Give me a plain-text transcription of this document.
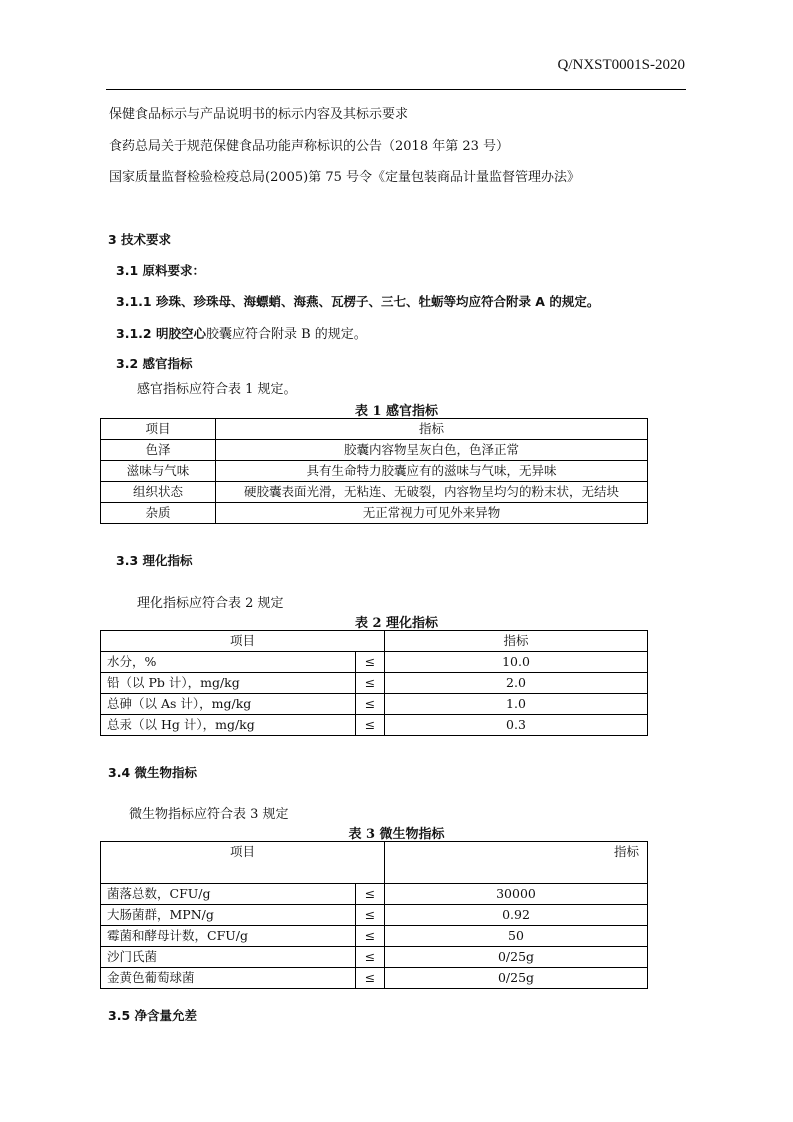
Q/NXST0001S-2020
保健食品标示与产品说明书的标示内容及其标示要求
食药总局关于规范保健食品功能声称标识的公告（2018 年第 23 号）
国家质量监督检验检疫总局(2005)第 75 号令《定量包装商品计量监督管理办法》
3 技术要求
3.1 原料要求：
3.1.1 珍珠、珍珠母、海螵蛸、海燕、瓦楞子、三七、牡蛎等均应符合附录 A 的规定。
3.1.2 明胶空心胶囊应符合附录 B 的规定。
3.2 感官指标
感官指标应符合表 1 规定。
表 1 感官指标
项目	指标
色泽	胶囊内容物呈灰白色，色泽正常
滋味与气味	具有生命特力胶囊应有的滋味与气味，无异味
组织状态	硬胶囊表面光滑，无粘连、无破裂，内容物呈均匀的粉末状，无结块
杂质	无正常视力可见外来异物
3.3 理化指标
理化指标应符合表 2 规定
表 2 理化指标
项目		指标
水分，%	≤	10.0
铅（以 Pb 计），mg/kg	≤	2.0
总砷（以 As 计），mg/kg	≤	1.0
总汞（以 Hg 计），mg/kg	≤	0.3
3.4 微生物指标
微生物指标应符合表 3 规定
表 3 微生物指标
项目		指标
菌落总数，CFU/g	≤	30000
大肠菌群，MPN/g	≤	0.92
霉菌和酵母计数，CFU/g	≤	50
沙门氏菌	≤	0/25g
金黄色葡萄球菌	≤	0/25g
3.5 净含量允差
